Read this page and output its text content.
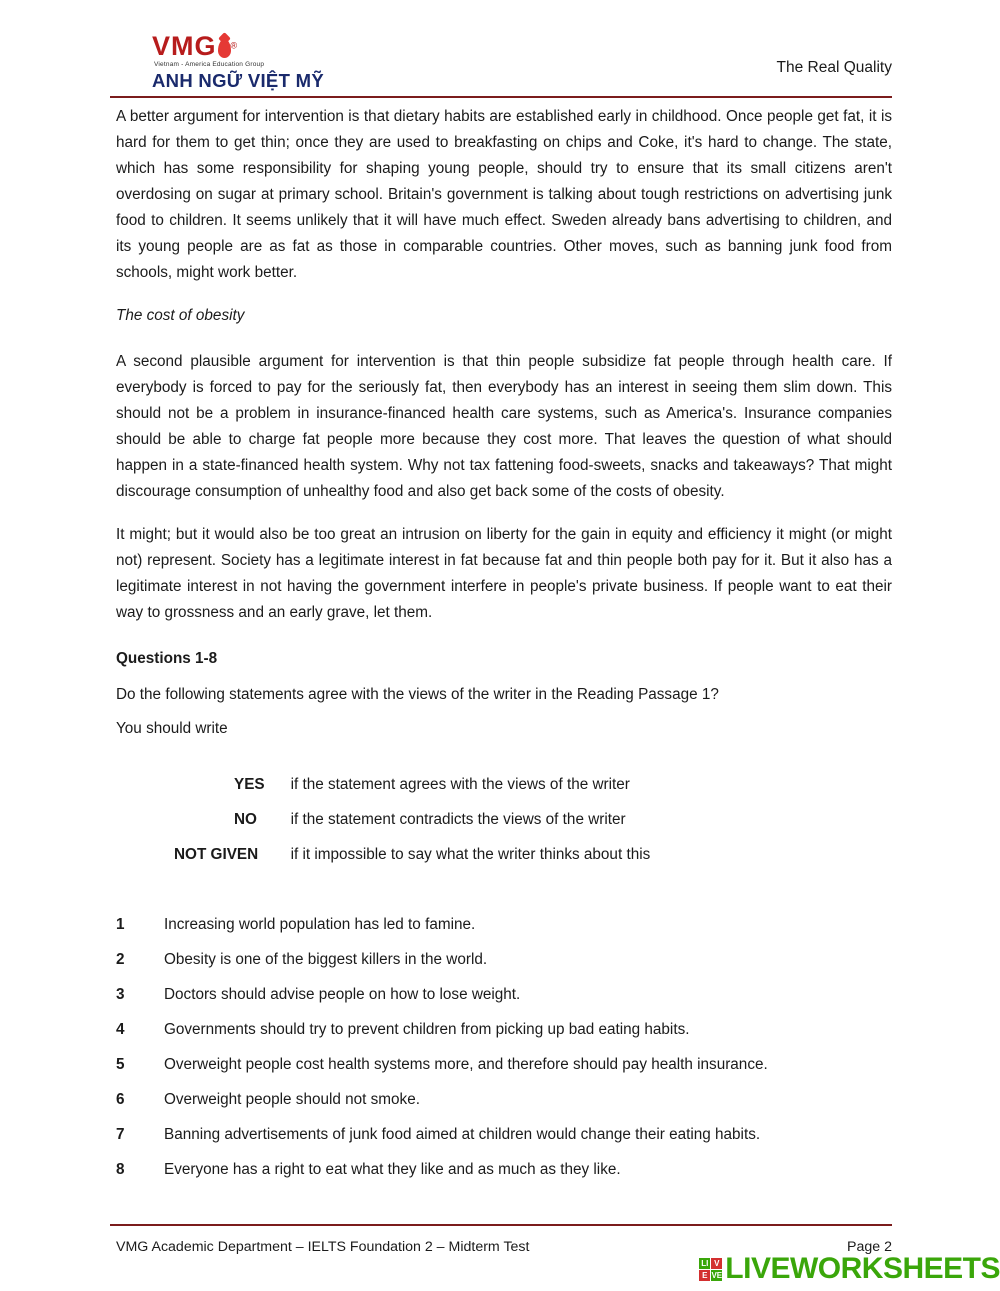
VMG ®
Vietnam - America Education Group
ANH NGỮ VIỆT MỸ
The Real Quality

A better argument for intervention is that dietary habits are established early in childhood. Once people get fat, it is hard for them to get thin; once they are used to breakfasting on chips and Coke, it's hard to change. The state, which has some responsibility for shaping young people, should try to ensure that its small citizens aren't overdosing on sugar at primary school. Britain's government is talking about tough restrictions on advertising junk food to children. It seems unlikely that it will have much effect. Sweden already bans advertising to children, and its young people are as fat as those in comparable countries. Other moves, such as banning junk food from schools, might work better.

The cost of obesity

A second plausible argument for intervention is that thin people subsidize fat people through health care. If everybody is forced to pay for the seriously fat, then everybody has an interest in seeing them slim down. This should not be a problem in insurance-financed health care systems, such as America's. Insurance companies should be able to charge fat people more because they cost more. That leaves the question of what should happen in a state-financed health system. Why not tax fattening food-sweets, snacks and takeaways? That might discourage consumption of unhealthy food and also get back some of the costs of obesity.

It might; but it would also be too great an intrusion on liberty for the gain in equity and efficiency it might (or might not) represent. Society has a legitimate interest in fat because fat and thin people both pay for it. But it also has a legitimate interest in not having the government interfere in people's private business. If people want to eat their way to grossness and an early grave, let them.

Questions 1-8
Do the following statements agree with the views of the writer in the Reading Passage 1?
You should write
YES	if the statement agrees with the views of the writer
NO	if the statement contradicts the views of the writer
NOT GIVEN	if it impossible to say what the writer thinks about this
1	Increasing world population has led to famine.
2	Obesity is one of the biggest killers in the world.
3	Doctors should advise people on how to lose weight.
4	Governments should try to prevent children from picking up bad eating habits.
5	Overweight people cost health systems more, and therefore should pay health insurance.
6	Overweight people should not smoke.
7	Banning advertisements of junk food aimed at children would change their eating habits.
8	Everyone has a right to eat what they like and as much as they like.
VMG Academic Department – IELTS Foundation 2 – Midterm Test	Page 2
LI V
E VE LIVEWORKSHEETS
